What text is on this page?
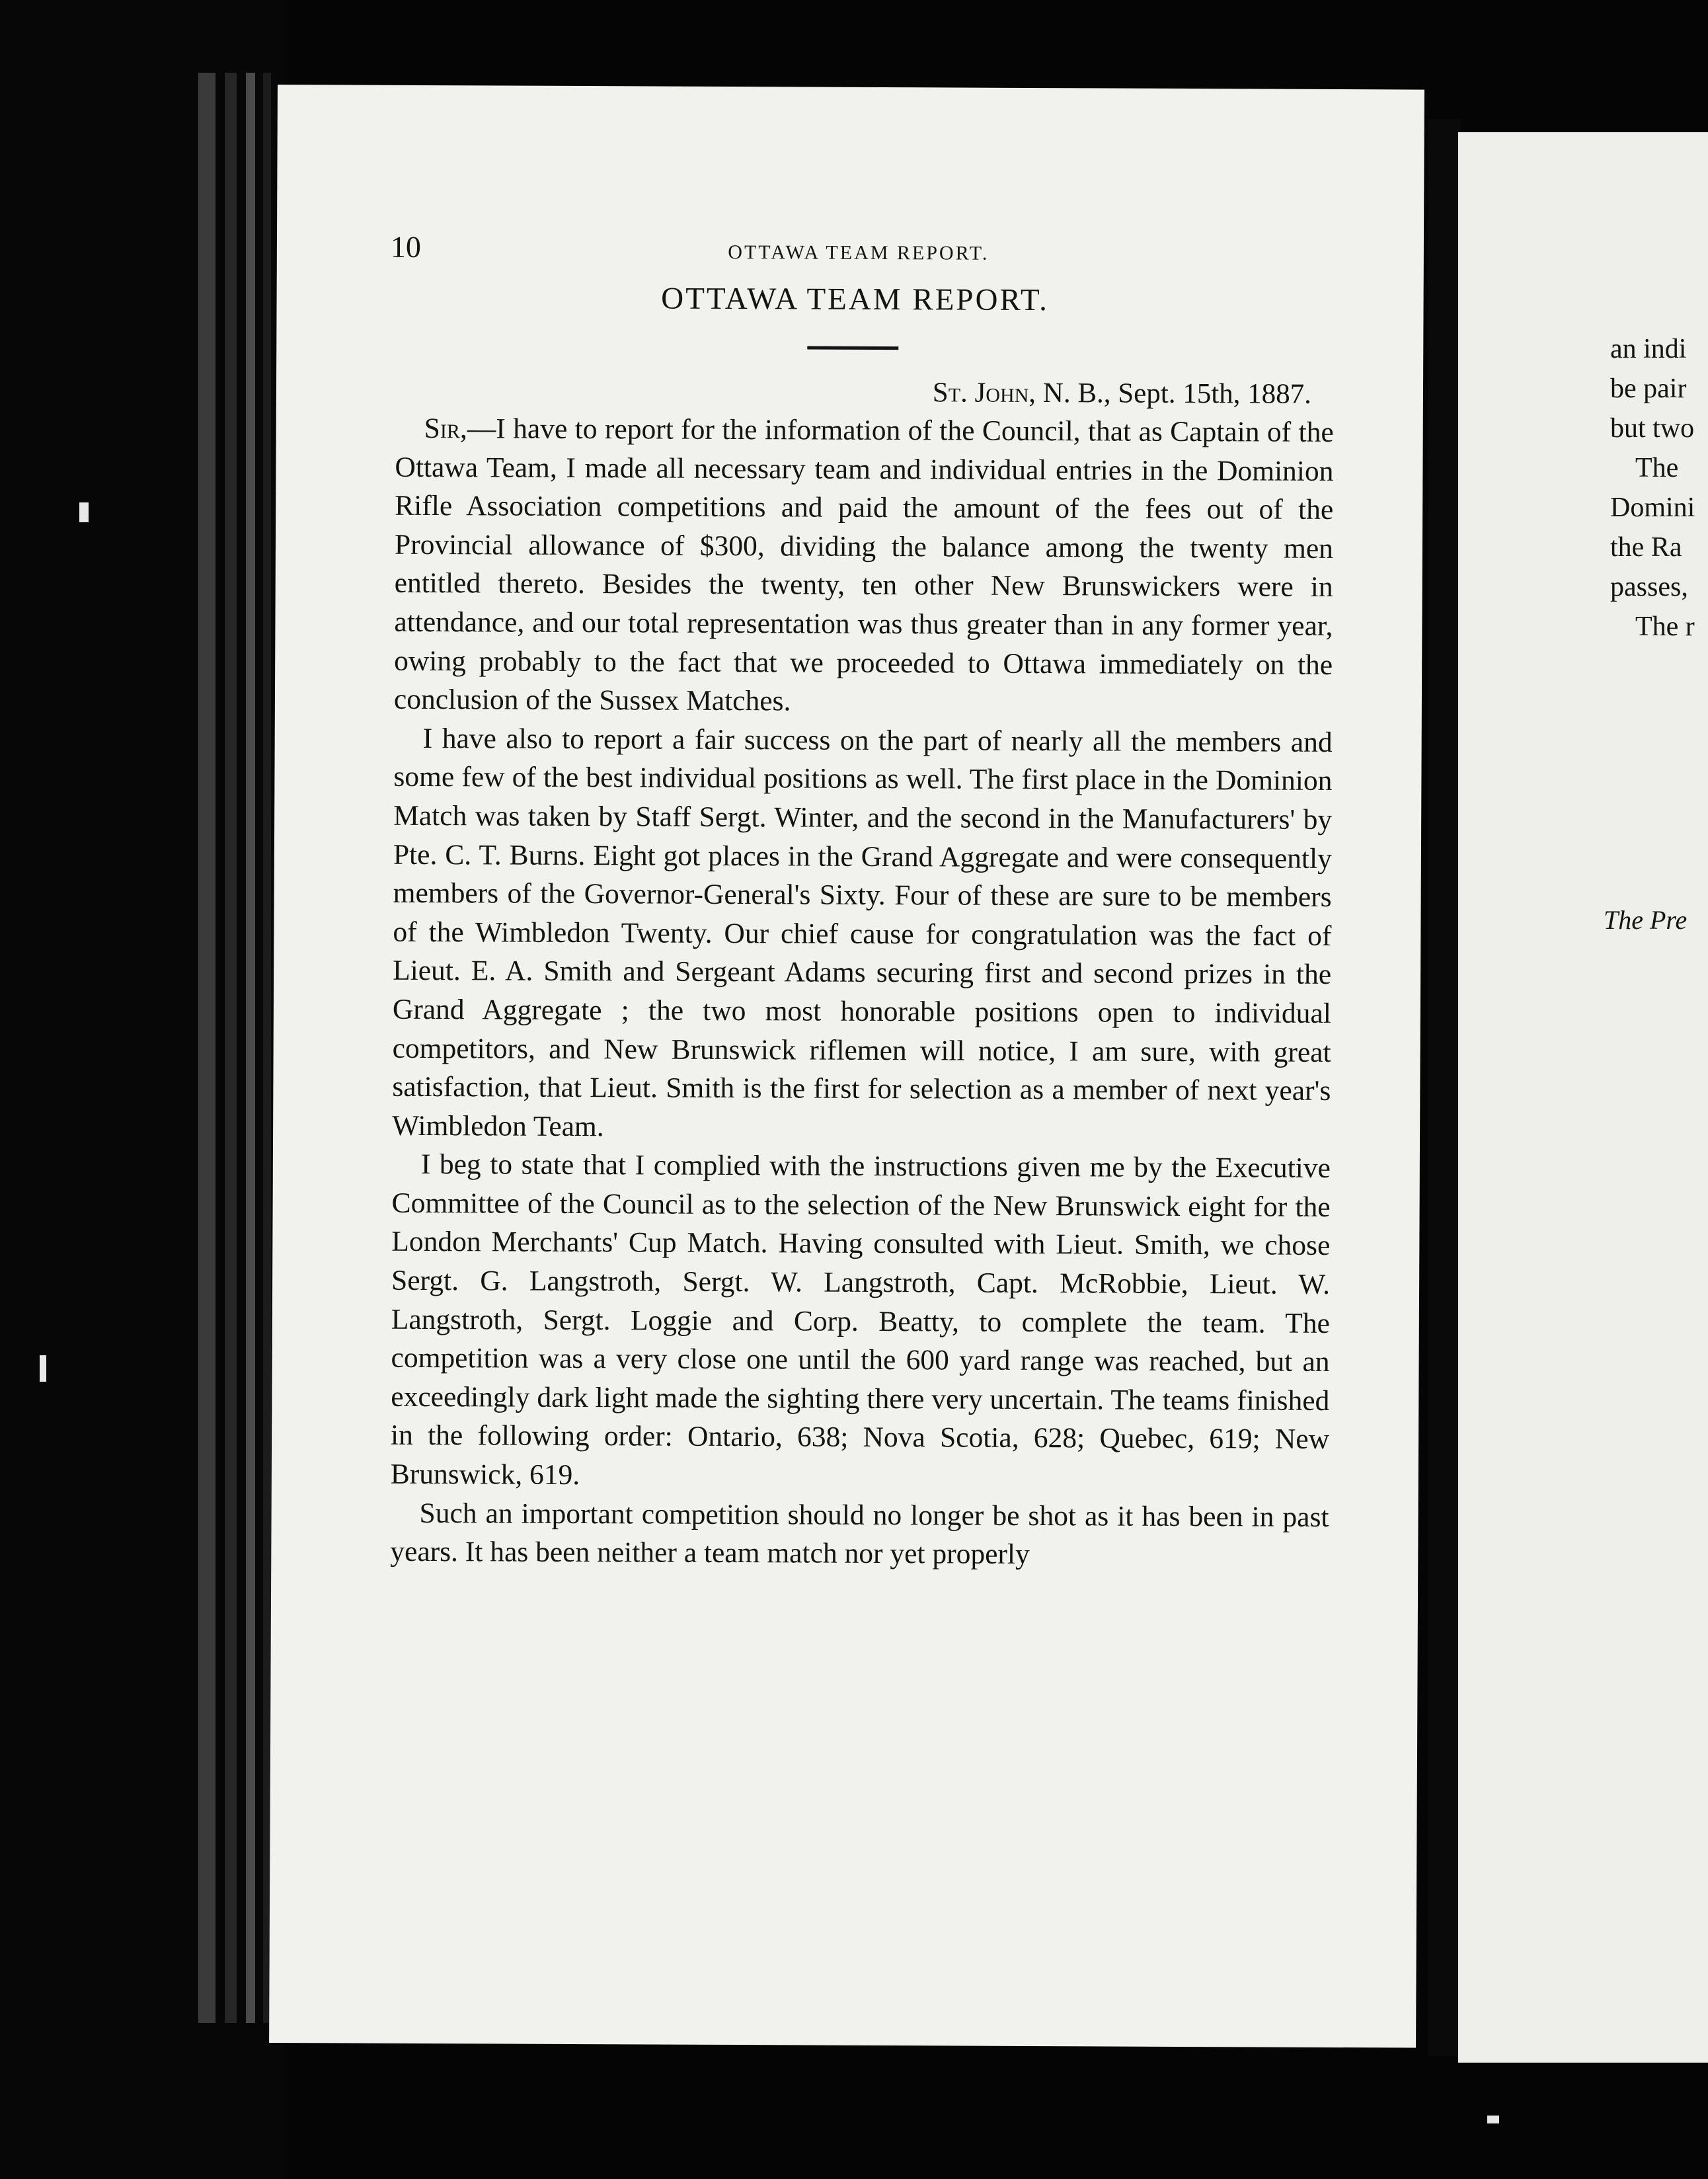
10	OTTAWA TEAM REPORT.
OTTAWA TEAM REPORT.
St. John, N. B., Sept. 15th, 1887.

Sir,—I have to report for the information of the Council, that as Captain of the Ottawa Team, I made all necessary team and individual entries in the Dominion Rifle Association competitions and paid the amount of the fees out of the Provincial allowance of $300, dividing the balance among the twenty men entitled thereto. Besides the twenty, ten other New Brunswickers were in attendance, and our total representation was thus greater than in any former year, owing probably to the fact that we proceeded to Ottawa immediately on the conclusion of the Sussex Matches.

I have also to report a fair success on the part of nearly all the members and some few of the best individual positions as well. The first place in the Dominion Match was taken by Staff Sergt. Winter, and the second in the Manufacturers' by Pte. C. T. Burns. Eight got places in the Grand Aggregate and were consequently members of the Governor-General's Sixty. Four of these are sure to be members of the Wimbledon Twenty. Our chief cause for congratulation was the fact of Lieut. E. A. Smith and Sergeant Adams securing first and second prizes in the Grand Aggregate ; the two most honorable positions open to individual competitors, and New Brunswick riflemen will notice, I am sure, with great satisfaction, that Lieut. Smith is the first for selection as a member of next year's Wimbledon Team.

I beg to state that I complied with the instructions given me by the Executive Committee of the Council as to the selection of the New Brunswick eight for the London Merchants' Cup Match. Having consulted with Lieut. Smith, we chose Sergt. G. Langstroth, Sergt. W. Langstroth, Capt. McRobbie, Lieut. W. Langstroth, Sergt. Loggie and Corp. Beatty, to complete the team. The competition was a very close one until the 600 yard range was reached, but an exceedingly dark light made the sighting there very uncertain. The teams finished in the following order: Ontario, 638; Nova Scotia, 628; Quebec, 619; New Brunswick, 619.

Such an important competition should no longer be shot as it has been in past years. It has been neither a team match nor yet properly

an indi
be pair
but two
The
Domini
the Ra
passes,
The r
The Pre
